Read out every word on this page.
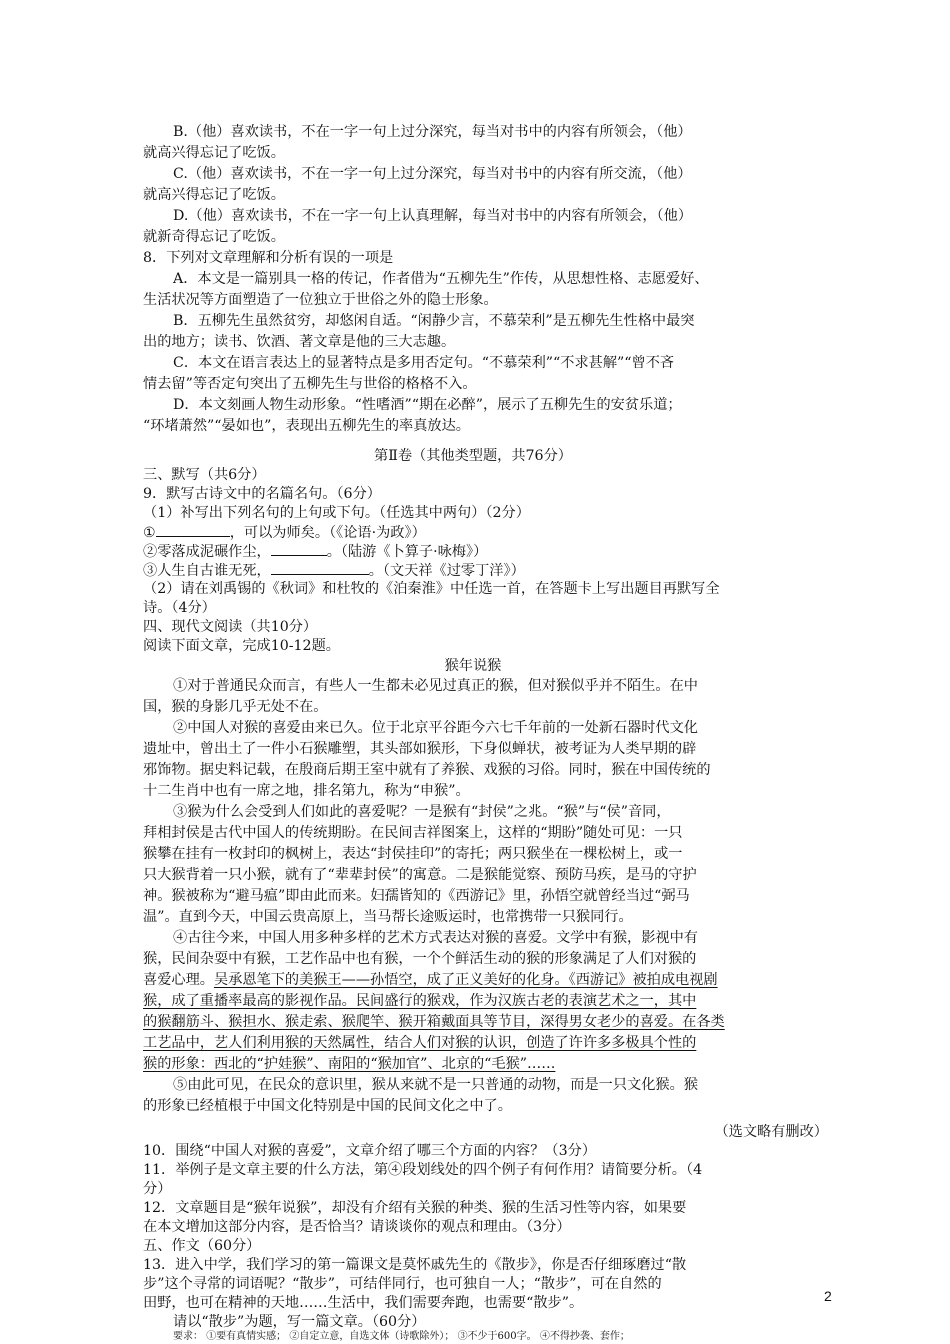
B.（他）喜欢读书，不在一字一句上过分深究，每当对书中的内容有所领会，（他）
就高兴得忘记了吃饭。
C.（他）喜欢读书，不在一字一句上过分深究，每当对书中的内容有所交流，（他）
就高兴得忘记了吃饭。
D.（他）喜欢读书，不在一字一句上认真理解，每当对书中的内容有所领会，（他）
就新奇得忘记了吃饭。
8．下列对文章理解和分析有误的一项是
A．本文是一篇别具一格的传记，作者借为“五柳先生”作传，从思想性格、志愿爱好、
生活状况等方面塑造了一位独立于世俗之外的隐士形象。
B．五柳先生虽然贫穷，却悠闲自适。“闲静少言，不慕荣利”是五柳先生性格中最突
出的地方；读书、饮酒、著文章是他的三大志趣。
C．本文在语言表达上的显著特点是多用否定句。“不慕荣利”“不求甚解”“曾不吝
情去留”等否定句突出了五柳先生与世俗的格格不入。
D．本文刻画人物生动形象。“性嗜酒”“期在必醉”，展示了五柳先生的安贫乐道；
“环堵萧然”“晏如也”，表现出五柳先生的率真放达。
第Ⅱ卷（其他类型题，共76分）
三、默写（共6分）
9．默写古诗文中的名篇名句。（6分）
（1）补写出下列名句的上句或下句。（任选其中两句）（2分）
①	，可以为师矣。（《论语·为政》）
②零落成泥碾作尘，	。（陆游《卜算子·咏梅》）
③人生自古谁无死，	。（文天祥《过零丁洋》）
（2）请在刘禹锡的《秋词》和杜牧的《泊秦淮》中任选一首，在答题卡上写出题目再默写全
诗。（4分）
四、现代文阅读（共10分）
阅读下面文章，完成10-12题。
猴年说猴
①对于普通民众而言，有些人一生都未必见过真正的猴，但对猴似乎并不陌生。在中
国，猴的身影几乎无处不在。
②中国人对猴的喜爱由来已久。位于北京平谷距今六七千年前的一处新石器时代文化
遗址中，曾出土了一件小石猴雕塑，其头部如猴形，下身似蝉状，被考证为人类早期的辟
邪饰物。据史料记载，在殷商后期王室中就有了养猴、戏猴的习俗。同时，猴在中国传统的
十二生肖中也有一席之地，排名第九，称为“申猴”。
③猴为什么会受到人们如此的喜爱呢？一是猴有“封侯”之兆。“猴”与“侯”音同，
拜相封侯是古代中国人的传统期盼。在民间吉祥图案上，这样的“期盼”随处可见：一只
猴攀在挂有一枚封印的枫树上，表达“封侯挂印”的寄托；两只猴坐在一棵松树上，或一
只大猴背着一只小猴，就有了“辈辈封侯”的寓意。二是猴能觉察、预防马疾，是马的守护
神。猴被称为“避马瘟”即由此而来。妇孺皆知的《西游记》里，孙悟空就曾经当过“弼马
温”。直到今天，中国云贵高原上，当马帮长途贩运时，也常携带一只猴同行。
④古往今来，中国人用多种多样的艺术方式表达对猴的喜爱。文学中有猴，影视中有
猴，民间杂耍中有猴，工艺作品中也有猴，一个个鲜活生动的猴的形象满足了人们对猴的
喜爱心理。吴承恩笔下的美猴王——孙悟空，成了正义美好的化身。《西游记》被拍成电视剧
猴，成了重播率最高的影视作品。民间盛行的猴戏，作为汉族古老的表演艺术之一，其中
的猴翻筋斗、猴担水、猴走索、猴爬竿、猴开箱戴面具等节目，深得男女老少的喜爱。在各类
工艺品中，艺人们利用猴的天然属性，结合人们对猴的认识，创造了许许多多极具个性的
猴的形象：西北的“护娃猴”、南阳的“猴加官”、北京的“毛猴”……
⑤由此可见，在民众的意识里，猴从来就不是一只普通的动物，而是一只文化猴。猴
的形象已经植根于中国文化特别是中国的民间文化之中了。
（选文略有删改）
10．围绕“中国人对猴的喜爱”，文章介绍了哪三个方面的内容？（3分）
11．举例子是文章主要的什么方法，第④段划线处的四个例子有何作用？请简要分析。（4
分）
12．文章题目是“猴年说猴”，却没有介绍有关猴的种类、猴的生活习性等内容，如果要
在本文增加这部分内容，是否恰当？请谈谈你的观点和理由。（3分）
五、作文（60分）
13．进入中学，我们学习的第一篇课文是莫怀戚先生的《散步》，你是否仔细琢磨过“散
步”这个寻常的词语呢？“散步”，可结伴同行，也可独自一人；“散步”，可在自然的
田野，也可在精神的天地……生活中，我们需要奔跑，也需要“散步”。
请以“散步”为题，写一篇文章。（60分）
2
要求： ①要有真情实感； ②自定立意，自选文体（诗歌除外）； ③不少于600字。 ④不得抄袭、套作；
